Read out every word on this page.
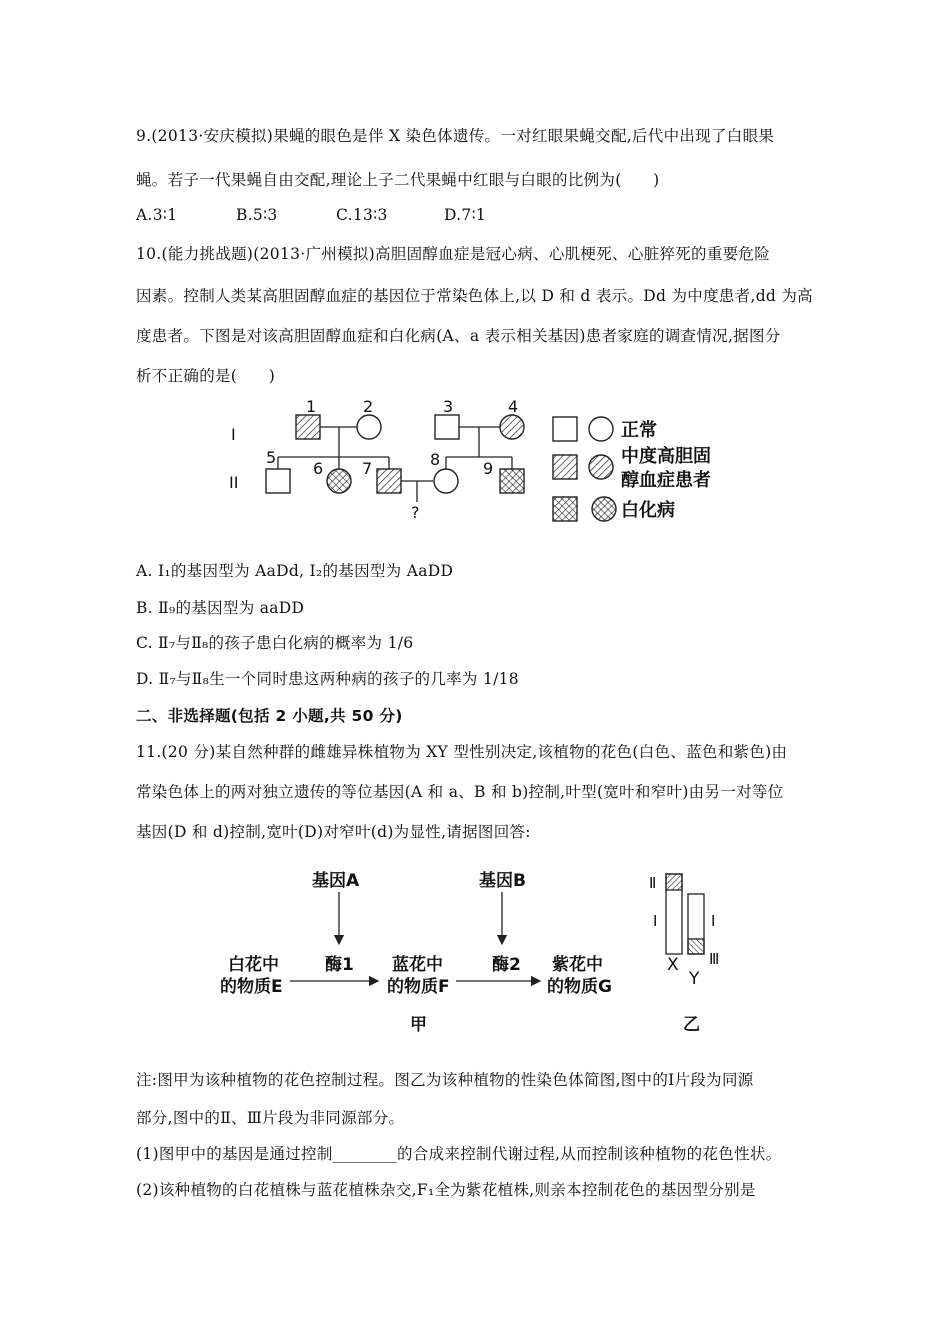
9.(2013·安庆模拟)果蝇的眼色是伴 X 染色体遗传。一对红眼果蝇交配,后代中出现了白眼果
蝇。若子一代果蝇自由交配,理论上子二代果蝇中红眼与白眼的比例为(　　)
A.3∶1	B.5∶3	C.13∶3	D.7∶1
10.(能力挑战题)(2013·广州模拟)高胆固醇血症是冠心病、心肌梗死、心脏猝死的重要危险
因素。控制人类某高胆固醇血症的基因位于常染色体上,以 D 和 d 表示。Dd 为中度患者,dd 为高
度患者。下图是对该高胆固醇血症和白化病(A、a 表示相关基因)患者家庭的调查情况,据图分
析不正确的是(　　)
I
II
1	2	3	4
5
6 7	8	9
?
正常
中度高胆固
醇血症患者
白化病
A. Ⅰ₁的基因型为 AaDd, Ⅰ₂的基因型为 AaDD
B. Ⅱ₉的基因型为 aaDD
C. Ⅱ₇与Ⅱ₈的孩子患白化病的概率为 1/6
D. Ⅱ₇与Ⅱ₈生一个同时患这两种病的孩子的几率为 1/18
二、非选择题(包括 2 小题,共 50 分)
11.(20 分)某自然种群的雌雄异株植物为 XY 型性别决定,该植物的花色(白色、蓝色和紫色)由
常染色体上的两对独立遗传的等位基因(A 和 a、B 和 b)控制,叶型(宽叶和窄叶)由另一对等位
基因(D 和 d)控制,宽叶(D)对窄叶(d)为显性,请据图回答:
基因A	基因B
酶1	酶2
白花中
的物质E
蓝花中
的物质F
紫花中
的物质G
甲
Ⅱ
Ⅰ	Ⅰ
Ⅲ
X
Y
乙
注:图甲为该种植物的花色控制过程。图乙为该种植物的性染色体简图,图中的Ⅰ片段为同源
部分,图中的Ⅱ、Ⅲ片段为非同源部分。
(1)图甲中的基因是通过控制________的合成来控制代谢过程,从而控制该种植物的花色性状。
(2)该种植物的白花植株与蓝花植株杂交,F₁全为紫花植株,则亲本控制花色的基因型分别是
